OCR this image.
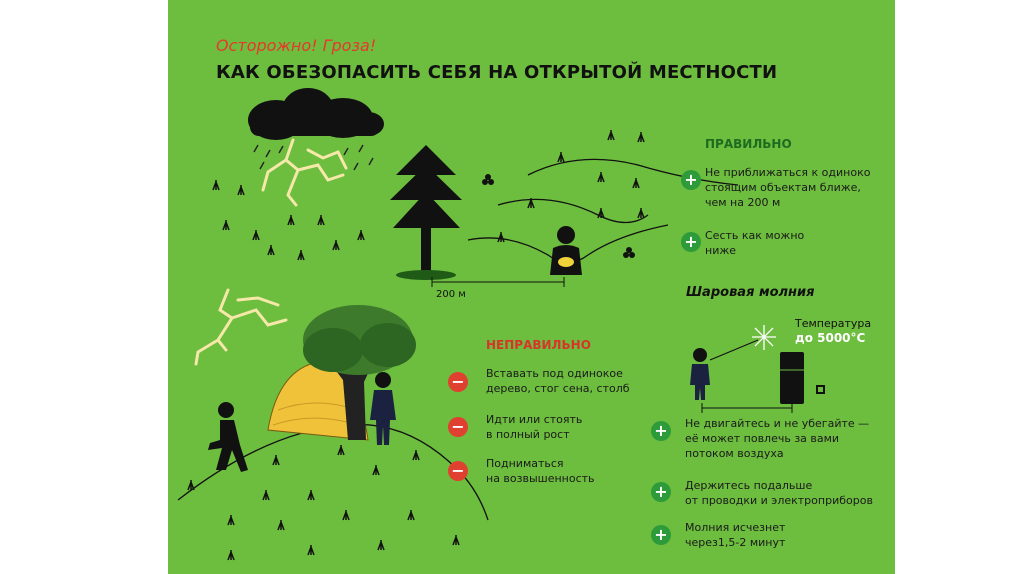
Осторожно! Гроза!
КАК ОБЕЗОПАСИТЬ СЕБЯ НА ОТКРЫТОЙ МЕСТНОСТИ
200 м
ПРАВИЛЬНО
+ Не приближаться к одиноко
стоящим объектам ближе,
чем на 200 м
+ Сесть как можно
ниже
Шаровая молния
Температура
до 5000°С
+ Не двигайтесь и не убегайте —
её может повлечь за вами
потоком воздуха
+ Держитесь подальше
от проводки и электроприборов
+ Молния исчезнет
через1,5-2 минут
НЕПРАВИЛЬНО
− Вставать под одинокое
дерево, стог сена, столб
− Идти или стоять
в полный рост
− Подниматься
на возвышенность
